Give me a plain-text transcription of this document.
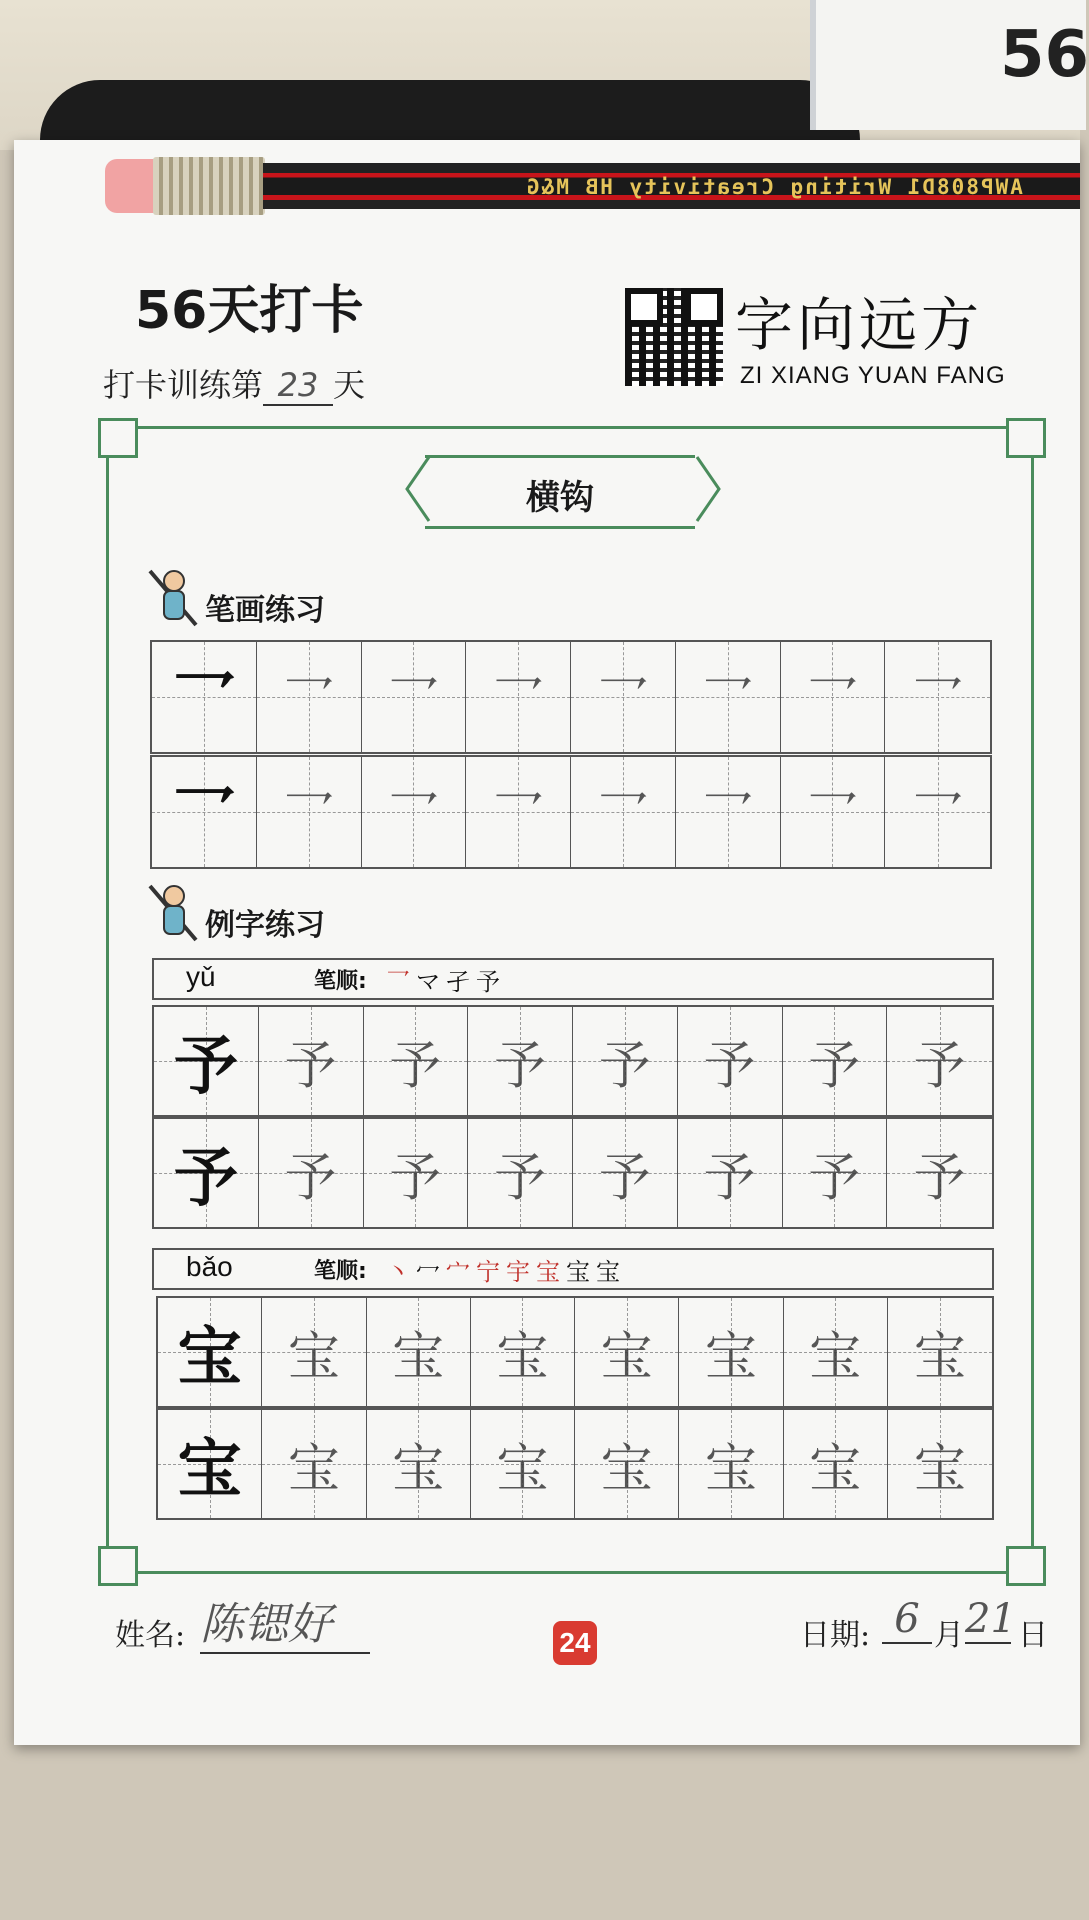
56
AWP808D1 Writing Creativity HB M&G
56天打卡
打卡训练第 23 天
字向远方
ZI XIANG YUAN FANG
横钩
笔画练习
乛 乛	乛	乛	乛	乛	乛	乛
乛 乛	乛	乛	乛	乛	乛	乛
例字练习
yǔ	笔顺: 乛マ孑予
予 予	予	予	予	予	予	予
予 予	予	予	予	予	予	予
bǎo	笔顺: 丶冖宀宁宇宝宝宝
宝 宝	宝	宝	宝	宝	宝	宝
宝 宝	宝	宝	宝	宝	宝	宝
姓名: 陈锶好	24	日期: 6 月 21 日
